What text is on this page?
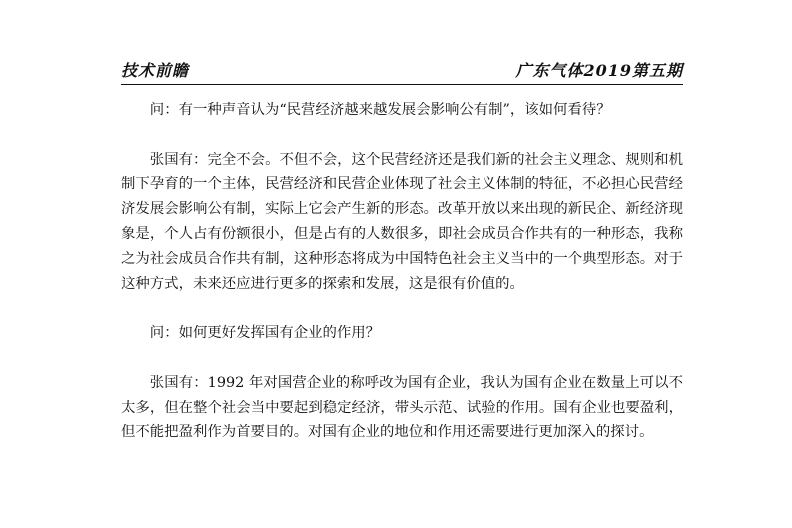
技术前瞻	广东气体2019第五期

问：有一种声音认为“民营经济越来越发展会影响公有制”，该如何看待？

张国有：完全不会。不但不会，这个民营经济还是我们新的社会主义理念、规则和机制下孕育的一个主体，民营经济和民营企业体现了社会主义体制的特征，不必担心民营经济发展会影响公有制，实际上它会产生新的形态。改革开放以来出现的新民企、新经济现象是，个人占有份额很小，但是占有的人数很多，即社会成员合作共有的一种形态，我称之为社会成员合作共有制，这种形态将成为中国特色社会主义当中的一个典型形态。对于这种方式，未来还应进行更多的探索和发展，这是很有价值的。

问：如何更好发挥国有企业的作用？

张国有：1992 年对国营企业的称呼改为国有企业，我认为国有企业在数量上可以不太多，但在整个社会当中要起到稳定经济，带头示范、试验的作用。国有企业也要盈利，但不能把盈利作为首要目的。对国有企业的地位和作用还需要进行更加深入的探讨。
